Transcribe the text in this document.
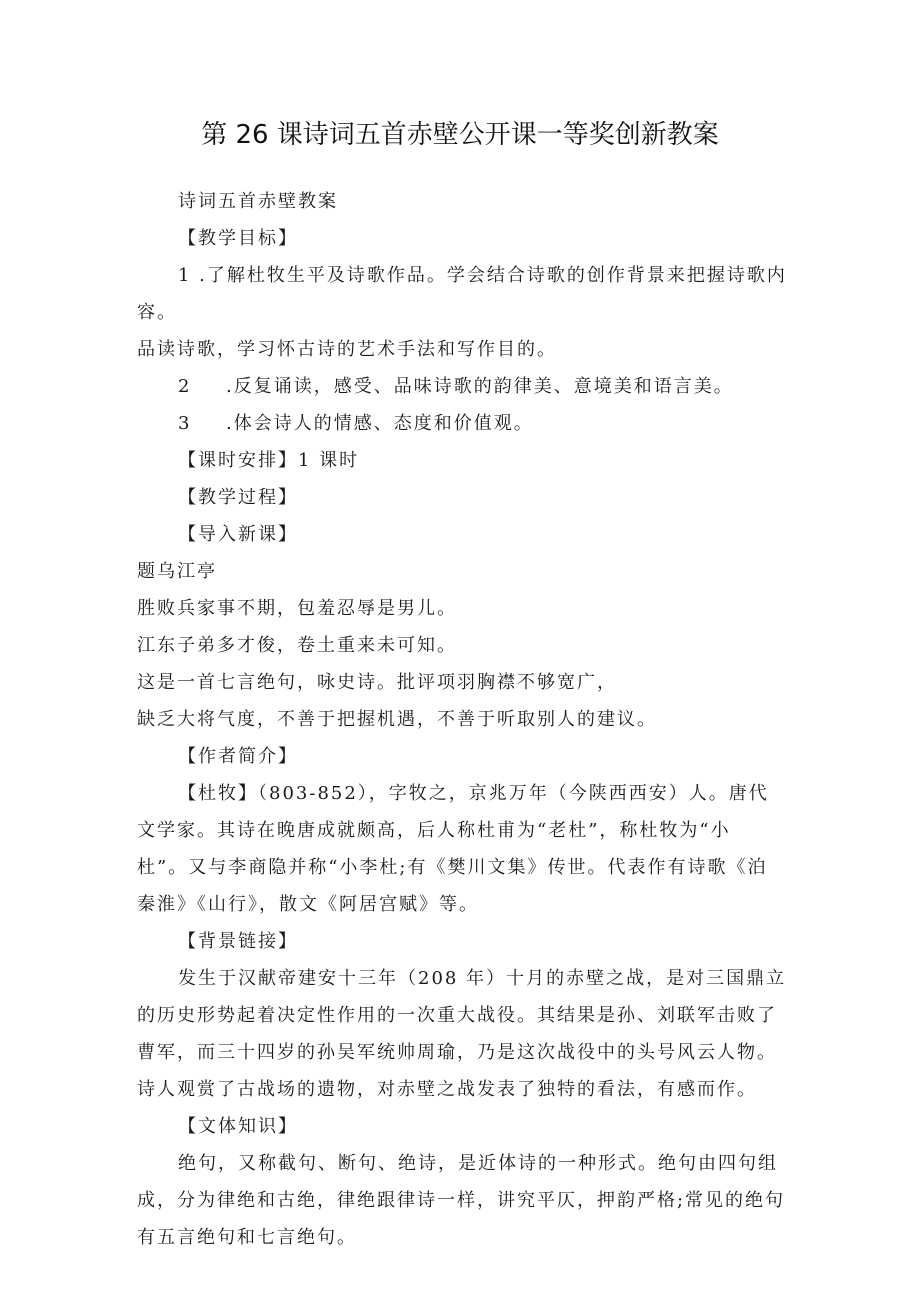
第 26 课诗词五首赤壁公开课一等奖创新教案

诗词五首赤壁教案

【教学目标】

1 .了解杜牧生平及诗歌作品。学会结合诗歌的创作背景来把握诗歌内

容。

品读诗歌，学习怀古诗的艺术手法和写作目的。

2 .反复诵读，感受、品味诗歌的韵律美、意境美和语言美。

3 .体会诗人的情感、态度和价值观。

【课时安排】1 课时

【教学过程】

【导入新课】

题乌江亭

胜败兵家事不期，包羞忍辱是男儿。

江东子弟多才俊，卷土重来未可知。

这是一首七言绝句，咏史诗。批评项羽胸襟不够宽广，

缺乏大将气度，不善于把握机遇，不善于听取别人的建议。

【作者简介】

【杜牧】（803-852），字牧之，京兆万年（今陕西西安）人。唐代

文学家。其诗在晚唐成就颇高，后人称杜甫为“老杜”，称杜牧为“小

杜”。又与李商隐并称“小李杜;有《樊川文集》传世。代表作有诗歌《泊

秦淮》《山行》，散文《阿居宫赋》等。

【背景链接】

发生于汉献帝建安十三年（208 年）十月的赤壁之战，是对三国鼎立

的历史形势起着决定性作用的一次重大战役。其结果是孙、刘联军击败了

曹军，而三十四岁的孙吴军统帅周瑜，乃是这次战役中的头号风云人物。

诗人观赏了古战场的遗物，对赤壁之战发表了独特的看法，有感而作。

【文体知识】

绝句，又称截句、断句、绝诗，是近体诗的一种形式。绝句由四句组

成，分为律绝和古绝，律绝跟律诗一样，讲究平仄，押韵严格;常见的绝句

有五言绝句和七言绝句。
